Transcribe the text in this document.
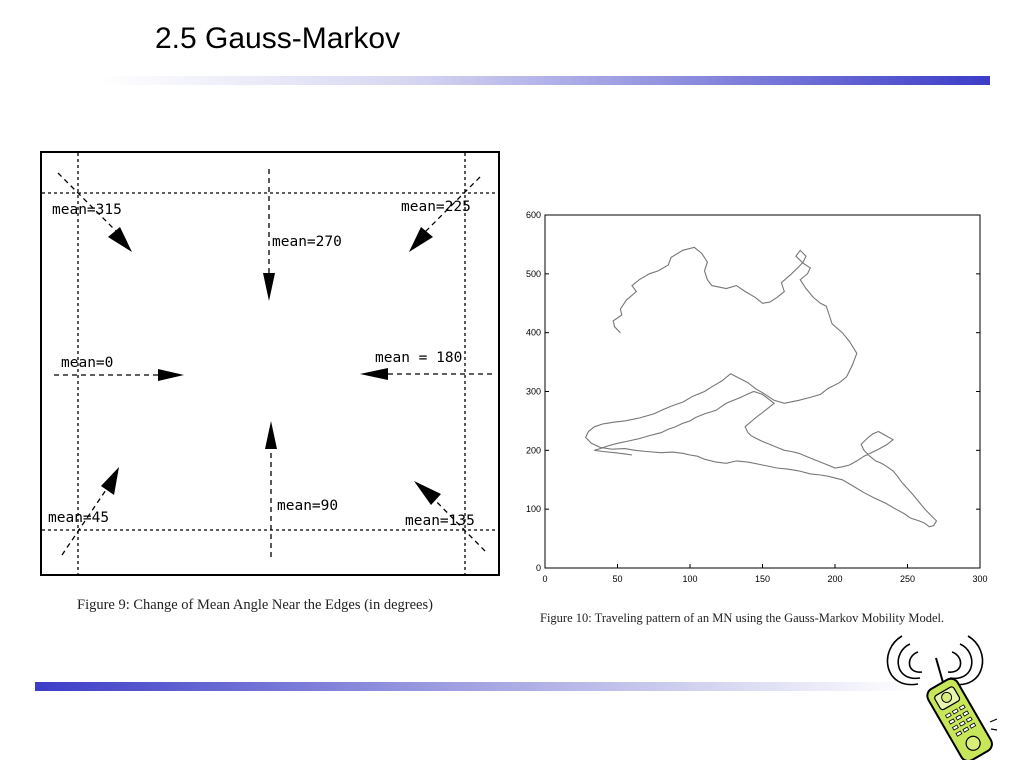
2.5 Gauss-Markov
mean=315
mean=270
mean=225
mean=0	mean = 180
mean=45
mean=90
mean=135
Figure 9: Change of Mean Angle Near the Edges (in degrees)
0	50	100	150	200	250	300
0
100
200
300
400
500
600
Figure 10: Traveling pattern of an MN using the Gauss-Markov Mobility Model.
